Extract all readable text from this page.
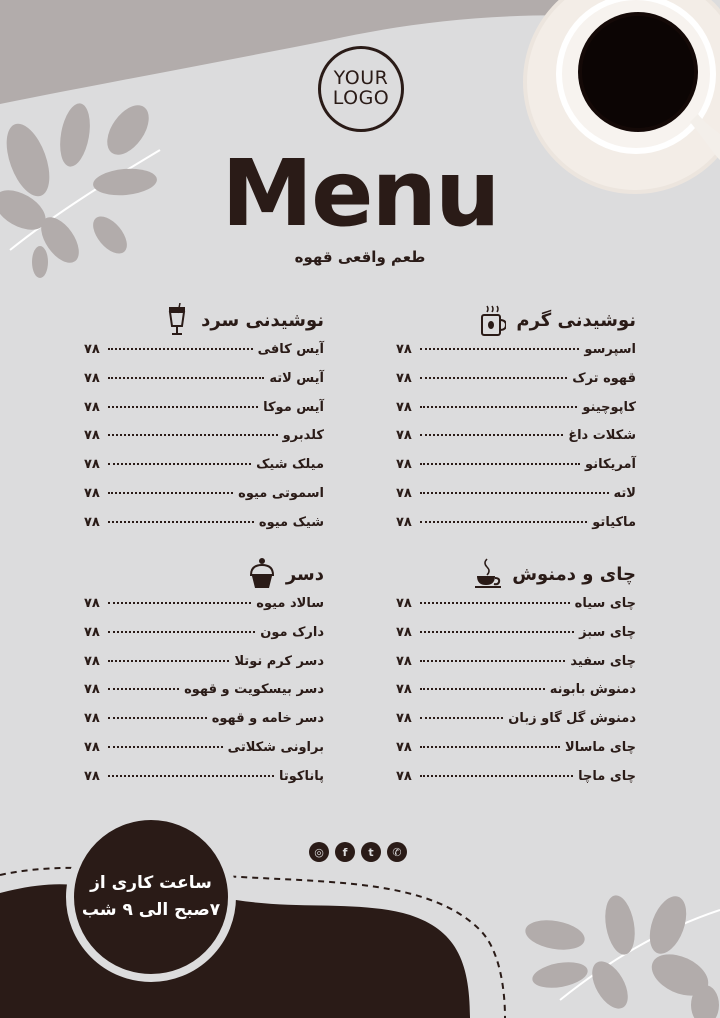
YOUR
LOGO
Menu
طعم واقعی قهوه
نوشیدنی گرم
اسپرسو
۷۸
قهوه ترک
۷۸
کاپوچینو
۷۸
شکلات داغ
۷۸
آمریکانو
۷۸
لاته
۷۸
ماکیاتو
۷۸
نوشیدنی سرد
آیس کافی
۷۸
آیس لاته
۷۸
آیس موکا
۷۸
کلدبرو
۷۸
میلک شیک
۷۸
اسموتی میوه
۷۸
شیک میوه
۷۸
چای و دمنوش
چای سیاه
۷۸
چای سبز
۷۸
چای سفید
۷۸
دمنوش بابونه
۷۸
دمنوش گل گاو زبان
۷۸
چای ماسالا
۷۸
چای ماچا
۷۸
دسر
سالاد میوه
۷۸
دارک مون
۷۸
دسر کرم نوتلا
۷۸
دسر بیسکویت و قهوه
۷۸
دسر خامه و قهوه
۷۸
براونی شکلاتی
۷۸
پاناکوتا
۷۸
◎	f	t	✆
ساعت کاری از
۷صبح الی ۹ شب
